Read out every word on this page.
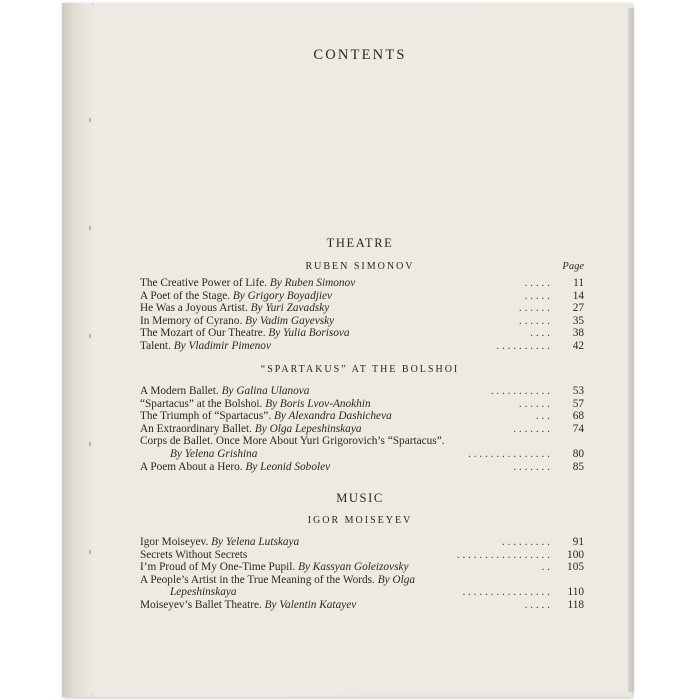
CONTENTS
THEATRE
RUBEN SIMONOV	Page
The Creative Power of Life. By Ruben Simonov	. . . . .	11
A Poet of the Stage. By Grigory Boyadjiev	. . . . .	14
He Was a Joyous Artist. By Yuri Zavadsky	. . . . . .	27
In Memory of Cyrano. By Vadim Gayevsky	. . . . . .	35
The Mozart of Our Theatre. By Yulia Borisova	. . . .	38
Talent. By Vladimir Pimenov	. . . . . . . . . .	42
“SPARTAKUS” AT THE BOLSHOI
A Modern Ballet. By Galina Ulanova	. . . . . . . . . . .	53
“Spartacus” at the Bolshoi. By Boris Lvov-Anokhin	. . . . . .	57
The Triumph of “Spartacus”. By Alexandra Dashicheva	. . .	68
An Extraordinary Ballet. By Olga Lepeshinskaya	. . . . . . .	74
Corps de Ballet. Once More About Yuri Grigorovich’s “Spartacus”.
By Yelena Grishina	. . . . . . . . . . . . . . .	80
A Poem About a Hero. By Leonid Sobolev	. . . . . . .	85
MUSIC
IGOR MOISEYEV
Igor Moiseyev. By Yelena Lutskaya	. . . . . . . . .	91
Secrets Without Secrets	. . . . . . . . . . . . . . . . .	100
I’m Proud of My One-Time Pupil. By Kassyan Goleizovsky	. .	105
A People’s Artist in the True Meaning of the Words. By Olga
Lepeshinskaya	. . . . . . . . . . . . . . . .	110
Moiseyev’s Ballet Theatre. By Valentin Katayev	. . . . .	118
